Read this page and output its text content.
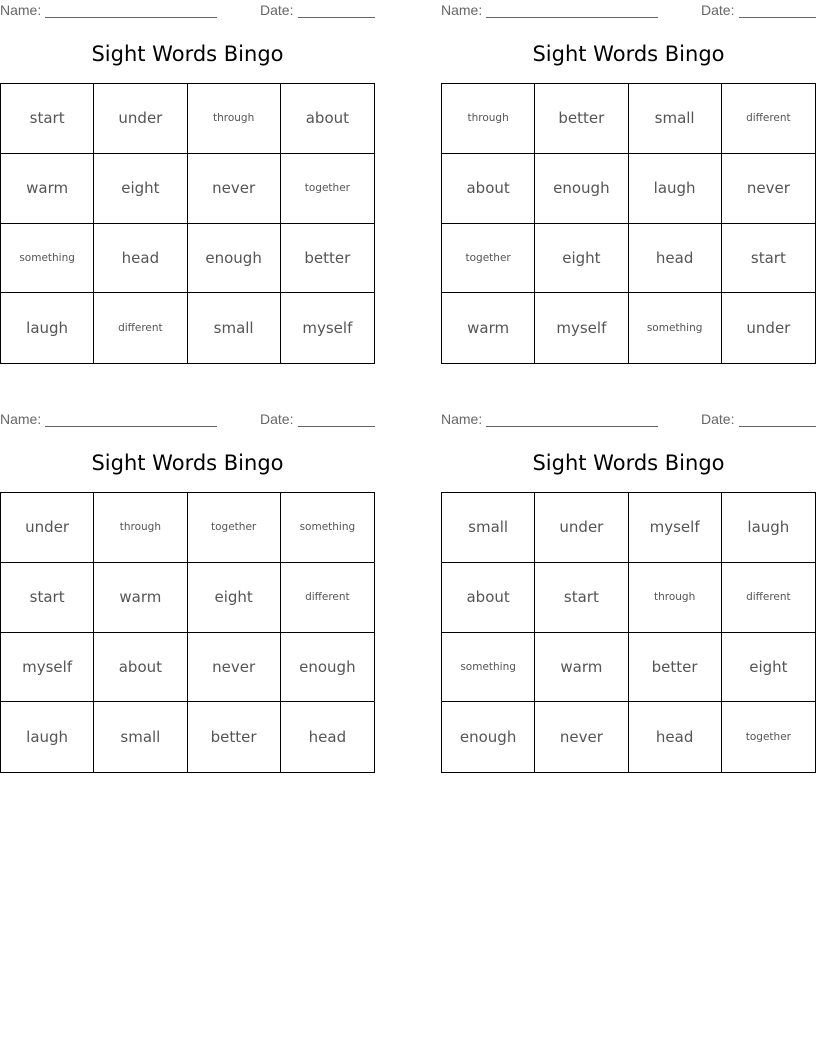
Name:	Date:
Sight Words Bingo
start	under	through	about
warm	eight	never	together
something	head	enough	better
laugh	different	small	myself
Name:	Date:
Sight Words Bingo
through	better	small	different
about	enough	laugh	never
together	eight	head	start
warm	myself	something	under
Name:	Date:
Sight Words Bingo
under	through	together	something
start	warm	eight	different
myself	about	never	enough
laugh	small	better	head
Name:	Date:
Sight Words Bingo
small	under	myself	laugh
about	start	through	different
something	warm	better	eight
enough	never	head	together
